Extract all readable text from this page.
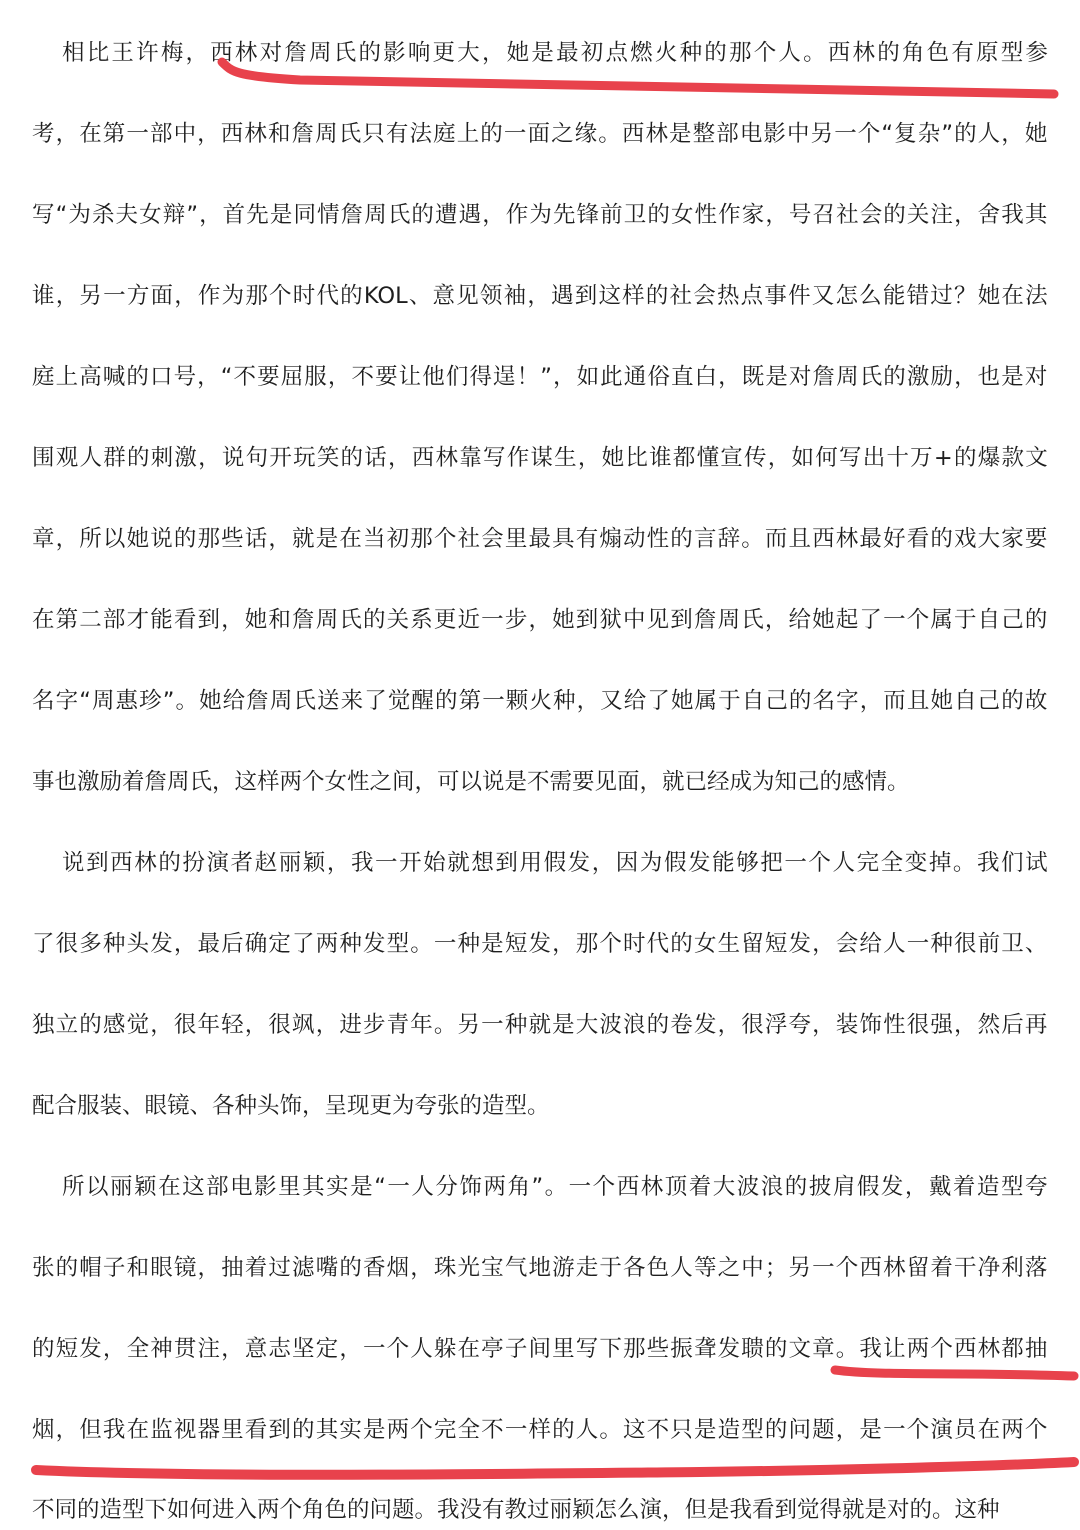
相 比 王 许 梅 ， 西 林 对 詹 周 氏 的 影 响 更 大 ， 她 是 最 初 点 燃 火 种 的 那 个 人 。 西 林 的 角 色 有 原 型 参
考 ， 在 第 一 部 中 ， 西 林 和 詹 周 氏 只 有 法 庭 上 的 一 面 之 缘 。 西 林 是 整 部 电 影 中 另 一 个 “ 复 杂 ” 的 人 ， 她
写 “ 为 杀 夫 女 辩 ” ， 首 先 是 同 情 詹 周 氏 的 遭 遇 ， 作 为 先 锋 前 卫 的 女 性 作 家 ， 号 召 社 会 的 关 注 ， 舍 我 其
谁 ， 另 一 方 面 ， 作 为 那 个 时 代 的 KOL 、 意 见 领 袖 ， 遇 到 这 样 的 社 会 热 点 事 件 又 怎 么 能 错 过 ？ 她 在 法
庭 上 高 喊 的 口 号 ， “ 不 要 屈 服 ， 不 要 让 他 们 得 逞 ！ ” ， 如 此 通 俗 直 白 ， 既 是 对 詹 周 氏 的 激 励 ， 也 是 对
围 观 人 群 的 刺 激 ， 说 句 开 玩 笑 的 话 ， 西 林 靠 写 作 谋 生 ， 她 比 谁 都 懂 宣 传 ， 如 何 写 出 十 万 + 的 爆 款 文
章 ， 所 以 她 说 的 那 些 话 ， 就 是 在 当 初 那 个 社 会 里 最 具 有 煽 动 性 的 言 辞 。 而 且 西 林 最 好 看 的 戏 大 家 要
在 第 二 部 才 能 看 到 ， 她 和 詹 周 氏 的 关 系 更 近 一 步 ， 她 到 狱 中 见 到 詹 周 氏 ， 给 她 起 了 一 个 属 于 自 己 的
名 字 “ 周 惠 珍 ” 。 她 给 詹 周 氏 送 来 了 觉 醒 的 第 一 颗 火 种 ， 又 给 了 她 属 于 自 己 的 名 字 ， 而 且 她 自 己 的 故
事也激励着詹周氏，这样两个女性之间，可以说是不需要见面，就已经成为知己的感情。
说 到 西 林 的 扮 演 者 赵 丽 颖 ， 我 一 开 始 就 想 到 用 假 发 ， 因 为 假 发 能 够 把 一 个 人 完 全 变 掉 。 我 们 试
了 很 多 种 头 发 ， 最 后 确 定 了 两 种 发 型 。 一 种 是 短 发 ， 那 个 时 代 的 女 生 留 短 发 ， 会 给 人 一 种 很 前 卫 、
独 立 的 感 觉 ， 很 年 轻 ， 很 飒 ， 进 步 青 年 。 另 一 种 就 是 大 波 浪 的 卷 发 ， 很 浮 夸 ， 装 饰 性 很 强 ， 然 后 再
配合服装、眼镜、各种头饰，呈现更为夸张的造型。
所 以 丽 颖 在 这 部 电 影 里 其 实 是 “ 一 人 分 饰 两 角 ” 。 一 个 西 林 顶 着 大 波 浪 的 披 肩 假 发 ， 戴 着 造 型 夸
张 的 帽 子 和 眼 镜 ， 抽 着 过 滤 嘴 的 香 烟 ， 珠 光 宝 气 地 游 走 于 各 色 人 等 之 中 ； 另 一 个 西 林 留 着 干 净 利 落
的 短 发 ， 全 神 贯 注 ， 意 志 坚 定 ， 一 个 人 躲 在 亭 子 间 里 写 下 那 些 振 聋 发 聩 的 文 章 。 我 让 两 个 西 林 都 抽
烟 ， 但 我 在 监 视 器 里 看 到 的 其 实 是 两 个 完 全 不 一 样 的 人 。 这 不 只 是 造 型 的 问 题 ， 是 一 个 演 员 在 两 个
不同的造型下如何进入两个角色的问题。我没有教过丽颖怎么演，但是我看到觉得就是对的。这种
